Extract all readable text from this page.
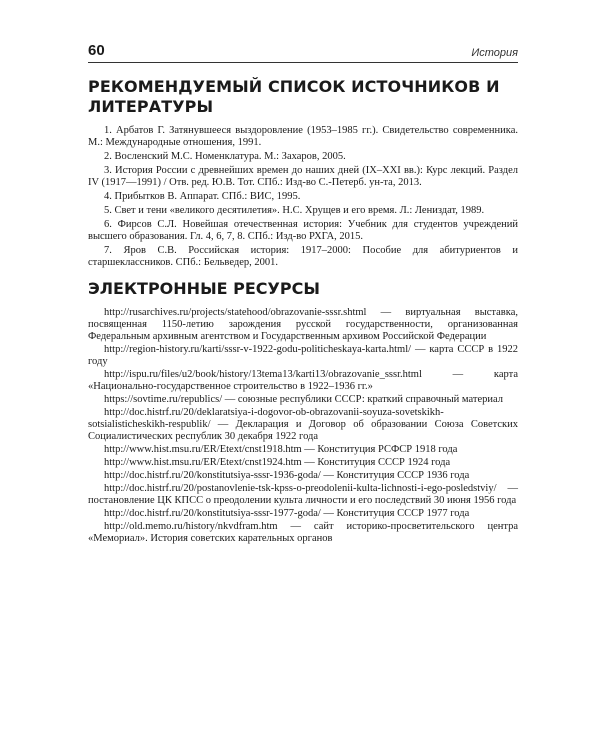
60	История
РЕКОМЕНДУЕМЫЙ СПИСОК ИСТОЧНИКОВ И ЛИТЕРАТУРЫ

1. Арбатов Г. Затянувшееся выздоровление (1953–1985 гг.). Свидетельство современника. М.: Международные отношения, 1991.

2. Восленский М.С. Номенклатура. М.: Захаров, 2005.

3. История России с древнейших времен до наших дней (IX–XXI вв.): Курс лекций. Раздел IV (1917—1991) / Отв. ред. Ю.В. Тот. СПб.: Изд-во С.-Петерб. ун-та, 2013.

4. Прибытков В. Аппарат. СПб.: ВИС, 1995.

5. Свет и тени «великого десятилетия». Н.С. Хрущев и его время. Л.: Лениздат, 1989.

6. Фирсов С.Л. Новейшая отечественная история: Учебник для студентов учреждений высшего образования. Гл. 4, 6, 7, 8. СПб.: Изд-во РХГА, 2015.

7. Яров С.В. Российская история: 1917–2000: Пособие для абитуриентов и старшеклассников. СПб.: Бельведер, 2001.

ЭЛЕКТРОННЫЕ РЕСУРСЫ

http://rusarchives.ru/projects/statehood/obrazovanie-sssr.shtml — виртуальная выставка, посвященная 1150-летию зарождения русской государственности, организованная Федеральным архивным агентством и Государственным архивом Российской Федерации

http://region-history.ru/karti/sssr-v-1922-godu-politicheskaya-karta.html/ — карта СССР в 1922 году

http://ispu.ru/files/u2/book/history/13tema13/karti13/obrazovanie_sssr.html — карта «Национально-государственное строительство в 1922–1936 гг.»

https://sovtime.ru/republics/ — союзные республики СССР: краткий справочный материал

http://doc.histrf.ru/20/deklaratsiya-i-dogovor-ob-obrazovanii-soyuza-sovetskikh-sotsialisticheskikh-respublik/ — Декларация и Договор об образовании Союза Советских Социалистических республик 30 декабря 1922 года

http://www.hist.msu.ru/ER/Etext/cnst1918.htm — Конституция РСФСР 1918 года

http://www.hist.msu.ru/ER/Etext/cnst1924.htm — Конституция СССР 1924 года

http://doc.histrf.ru/20/konstitutsiya-sssr-1936-goda/ — Конституция СССР 1936 года

http://doc.histrf.ru/20/postanovlenie-tsk-kpss-o-preodolenii-kulta-lichnosti-i-ego-posledstviy/ — постановление ЦК КПСС о преодолении культа личности и его последствий 30 июня 1956 года

http://doc.histrf.ru/20/konstitutsiya-sssr-1977-goda/ — Конституция СССР 1977 года

http://old.memo.ru/history/nkvdfram.htm — сайт историко-просветительского центра «Мемориал». История советских карательных органов
